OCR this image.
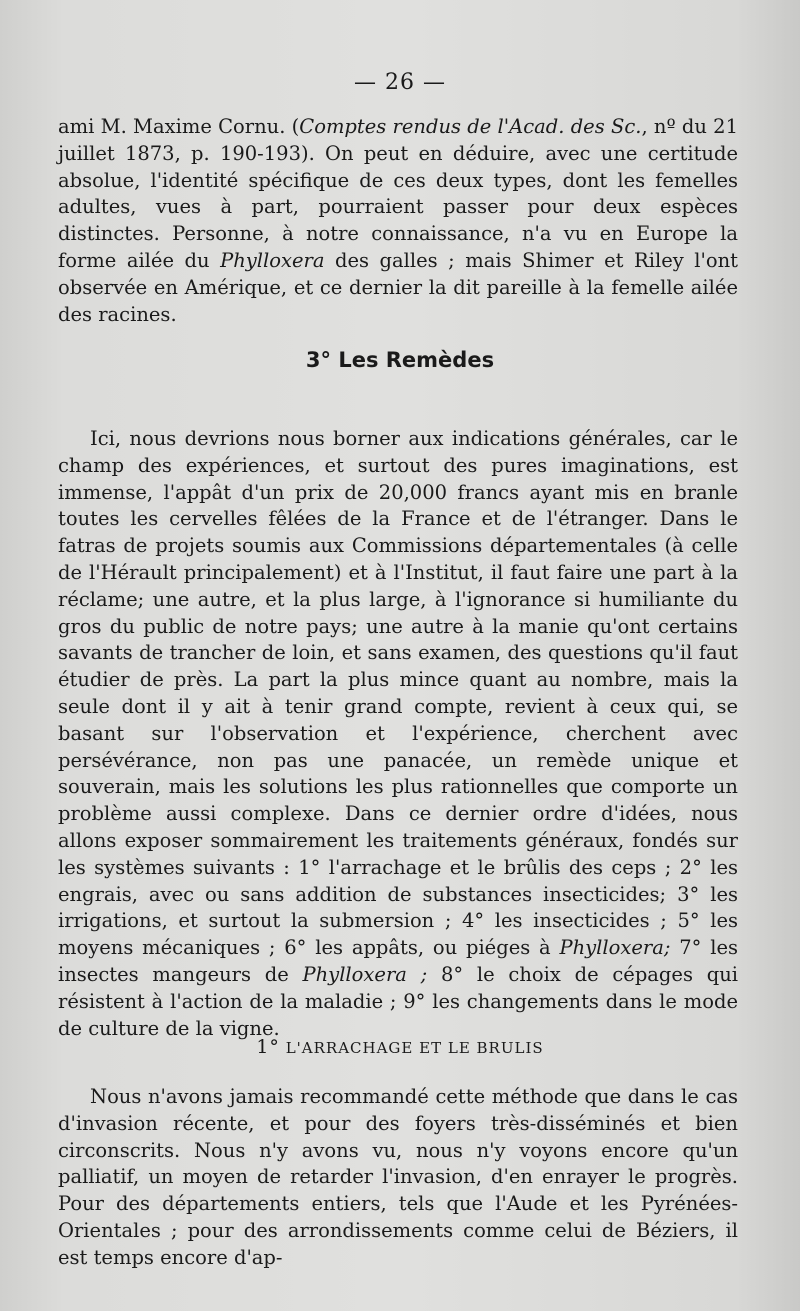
— 26 —

ami M. Maxime Cornu. (Comptes rendus de l'Acad. des Sc., nº du 21 juillet 1873, p. 190-193). On peut en déduire, avec une certitude absolue, l'identité spécifique de ces deux types, dont les femelles adultes, vues à part, pourraient passer pour deux espèces distinctes. Personne, à notre connaissance, n'a vu en Europe la forme ailée du Phylloxera des galles ; mais Shimer et Riley l'ont observée en Amérique, et ce dernier la dit pareille à la femelle ailée des racines.

3° Les Remèdes

Ici, nous devrions nous borner aux indications générales, car le champ des expériences, et surtout des pures imaginations, est immense, l'appât d'un prix de 20,000 francs ayant mis en branle toutes les cervelles fêlées de la France et de l'étranger. Dans le fatras de projets soumis aux Commissions départementales (à celle de l'Hérault principalement) et à l'Institut, il faut faire une part à la réclame; une autre, et la plus large, à l'ignorance si humiliante du gros du public de notre pays; une autre à la manie qu'ont certains savants de trancher de loin, et sans examen, des questions qu'il faut étudier de près. La part la plus mince quant au nombre, mais la seule dont il y ait à tenir grand compte, revient à ceux qui, se basant sur l'observation et l'expérience, cherchent avec persévérance, non pas une panacée, un remède unique et souverain, mais les solutions les plus rationnelles que comporte un problème aussi complexe. Dans ce dernier ordre d'idées, nous allons exposer sommairement les traitements généraux, fondés sur les systèmes suivants : 1° l'arrachage et le brûlis des ceps ; 2° les engrais, avec ou sans addition de substances insecticides; 3° les irrigations, et surtout la submersion ; 4° les insecticides ; 5° les moyens mécaniques ; 6° les appâts, ou piéges à Phylloxera; 7° les insectes mangeurs de Phylloxera ; 8° le choix de cépages qui résistent à l'action de la maladie ; 9° les changements dans le mode de culture de la vigne.

1° L'ARRACHAGE ET LE BRULIS

Nous n'avons jamais recommandé cette méthode que dans le cas d'invasion récente, et pour des foyers très-disséminés et bien circonscrits. Nous n'y avons vu, nous n'y voyons encore qu'un palliatif, un moyen de retarder l'invasion, d'en enrayer le progrès. Pour des départements entiers, tels que l'Aude et les Pyrénées-Orientales ; pour des arrondissements comme celui de Béziers, il est temps encore d'ap-
